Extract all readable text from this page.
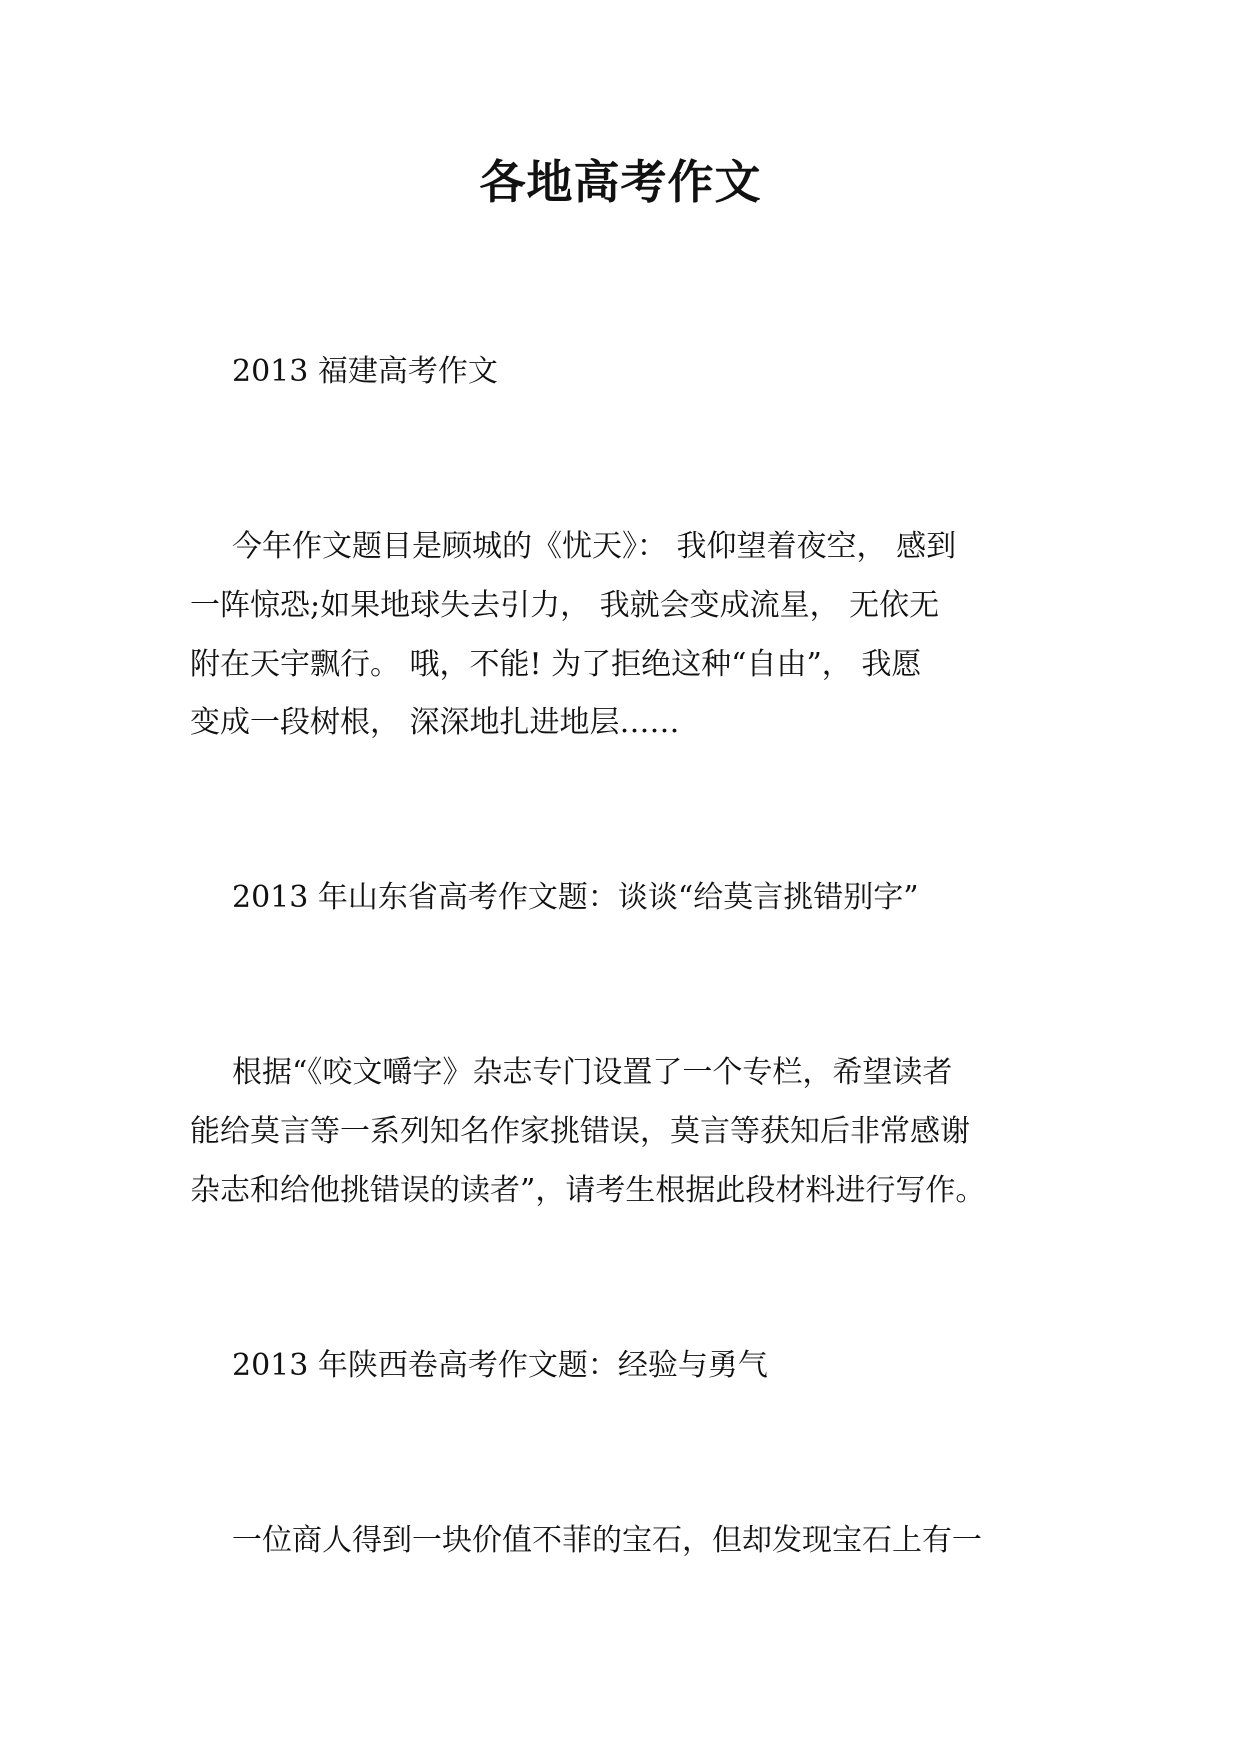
各地高考作文

2013 福建高考作文

今年作文题目是顾城的《忧天》： 我仰望着夜空， 感到

一阵惊恐;如果地球失去引力， 我就会变成流星， 无依无

附在天宇飘行。 哦，不能! 为了拒绝这种“自由”， 我愿

变成一段树根， 深深地扎进地层……

2013 年山东省高考作文题：谈谈“给莫言挑错别字”

根据“《咬文嚼字》杂志专门设置了一个专栏，希望读者

能给莫言等一系列知名作家挑错误，莫言等获知后非常感谢

杂志和给他挑错误的读者”，请考生根据此段材料进行写作。

2013 年陕西卷高考作文题：经验与勇气

一位商人得到一块价值不菲的宝石，但却发现宝石上有一
